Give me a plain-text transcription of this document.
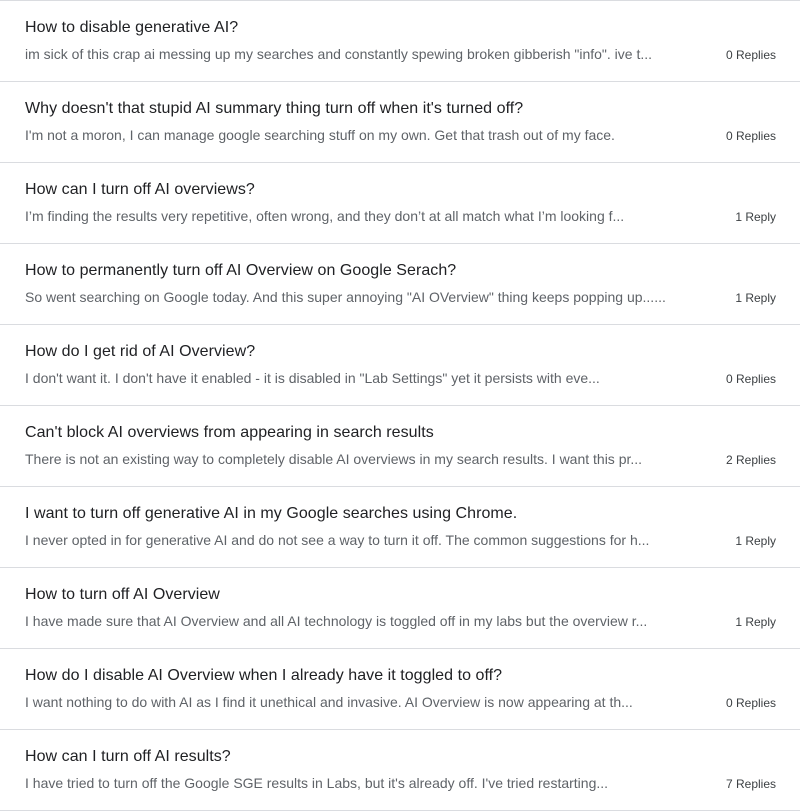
How to disable generative AI?
im sick of this crap ai messing up my searches and constantly spewing broken gibberish "info". ive t...	0 Replies
Why doesn't that stupid AI summary thing turn off when it's turned off?
I'm not a moron, I can manage google searching stuff on my own. Get that trash out of my face.	0 Replies
How can I turn off AI overviews?
I’m finding the results very repetitive, often wrong, and they don’t at all match what I’m looking f...	1 Reply
How to permanently turn off AI Overview on Google Serach?
So went searching on Google today. And this super annoying "AI OVerview" thing keeps popping up......	1 Reply
How do I get rid of AI Overview?
I don't want it. I don't have it enabled - it is disabled in "Lab Settings" yet it persists with eve...	0 Replies
Can't block AI overviews from appearing in search results
There is not an existing way to completely disable AI overviews in my search results. I want this pr...	2 Replies
I want to turn off generative AI in my Google searches using Chrome.
I never opted in for generative AI and do not see a way to turn it off. The common suggestions for h...	1 Reply
How to turn off AI Overview
I have made sure that AI Overview and all AI technology is toggled off in my labs but the overview r...	1 Reply
How do I disable AI Overview when I already have it toggled to off?
I want nothing to do with AI as I find it unethical and invasive. AI Overview is now appearing at th...	0 Replies
How can I turn off AI results?
I have tried to turn off the Google SGE results in Labs, but it's already off. I've tried restarting...	7 Replies
